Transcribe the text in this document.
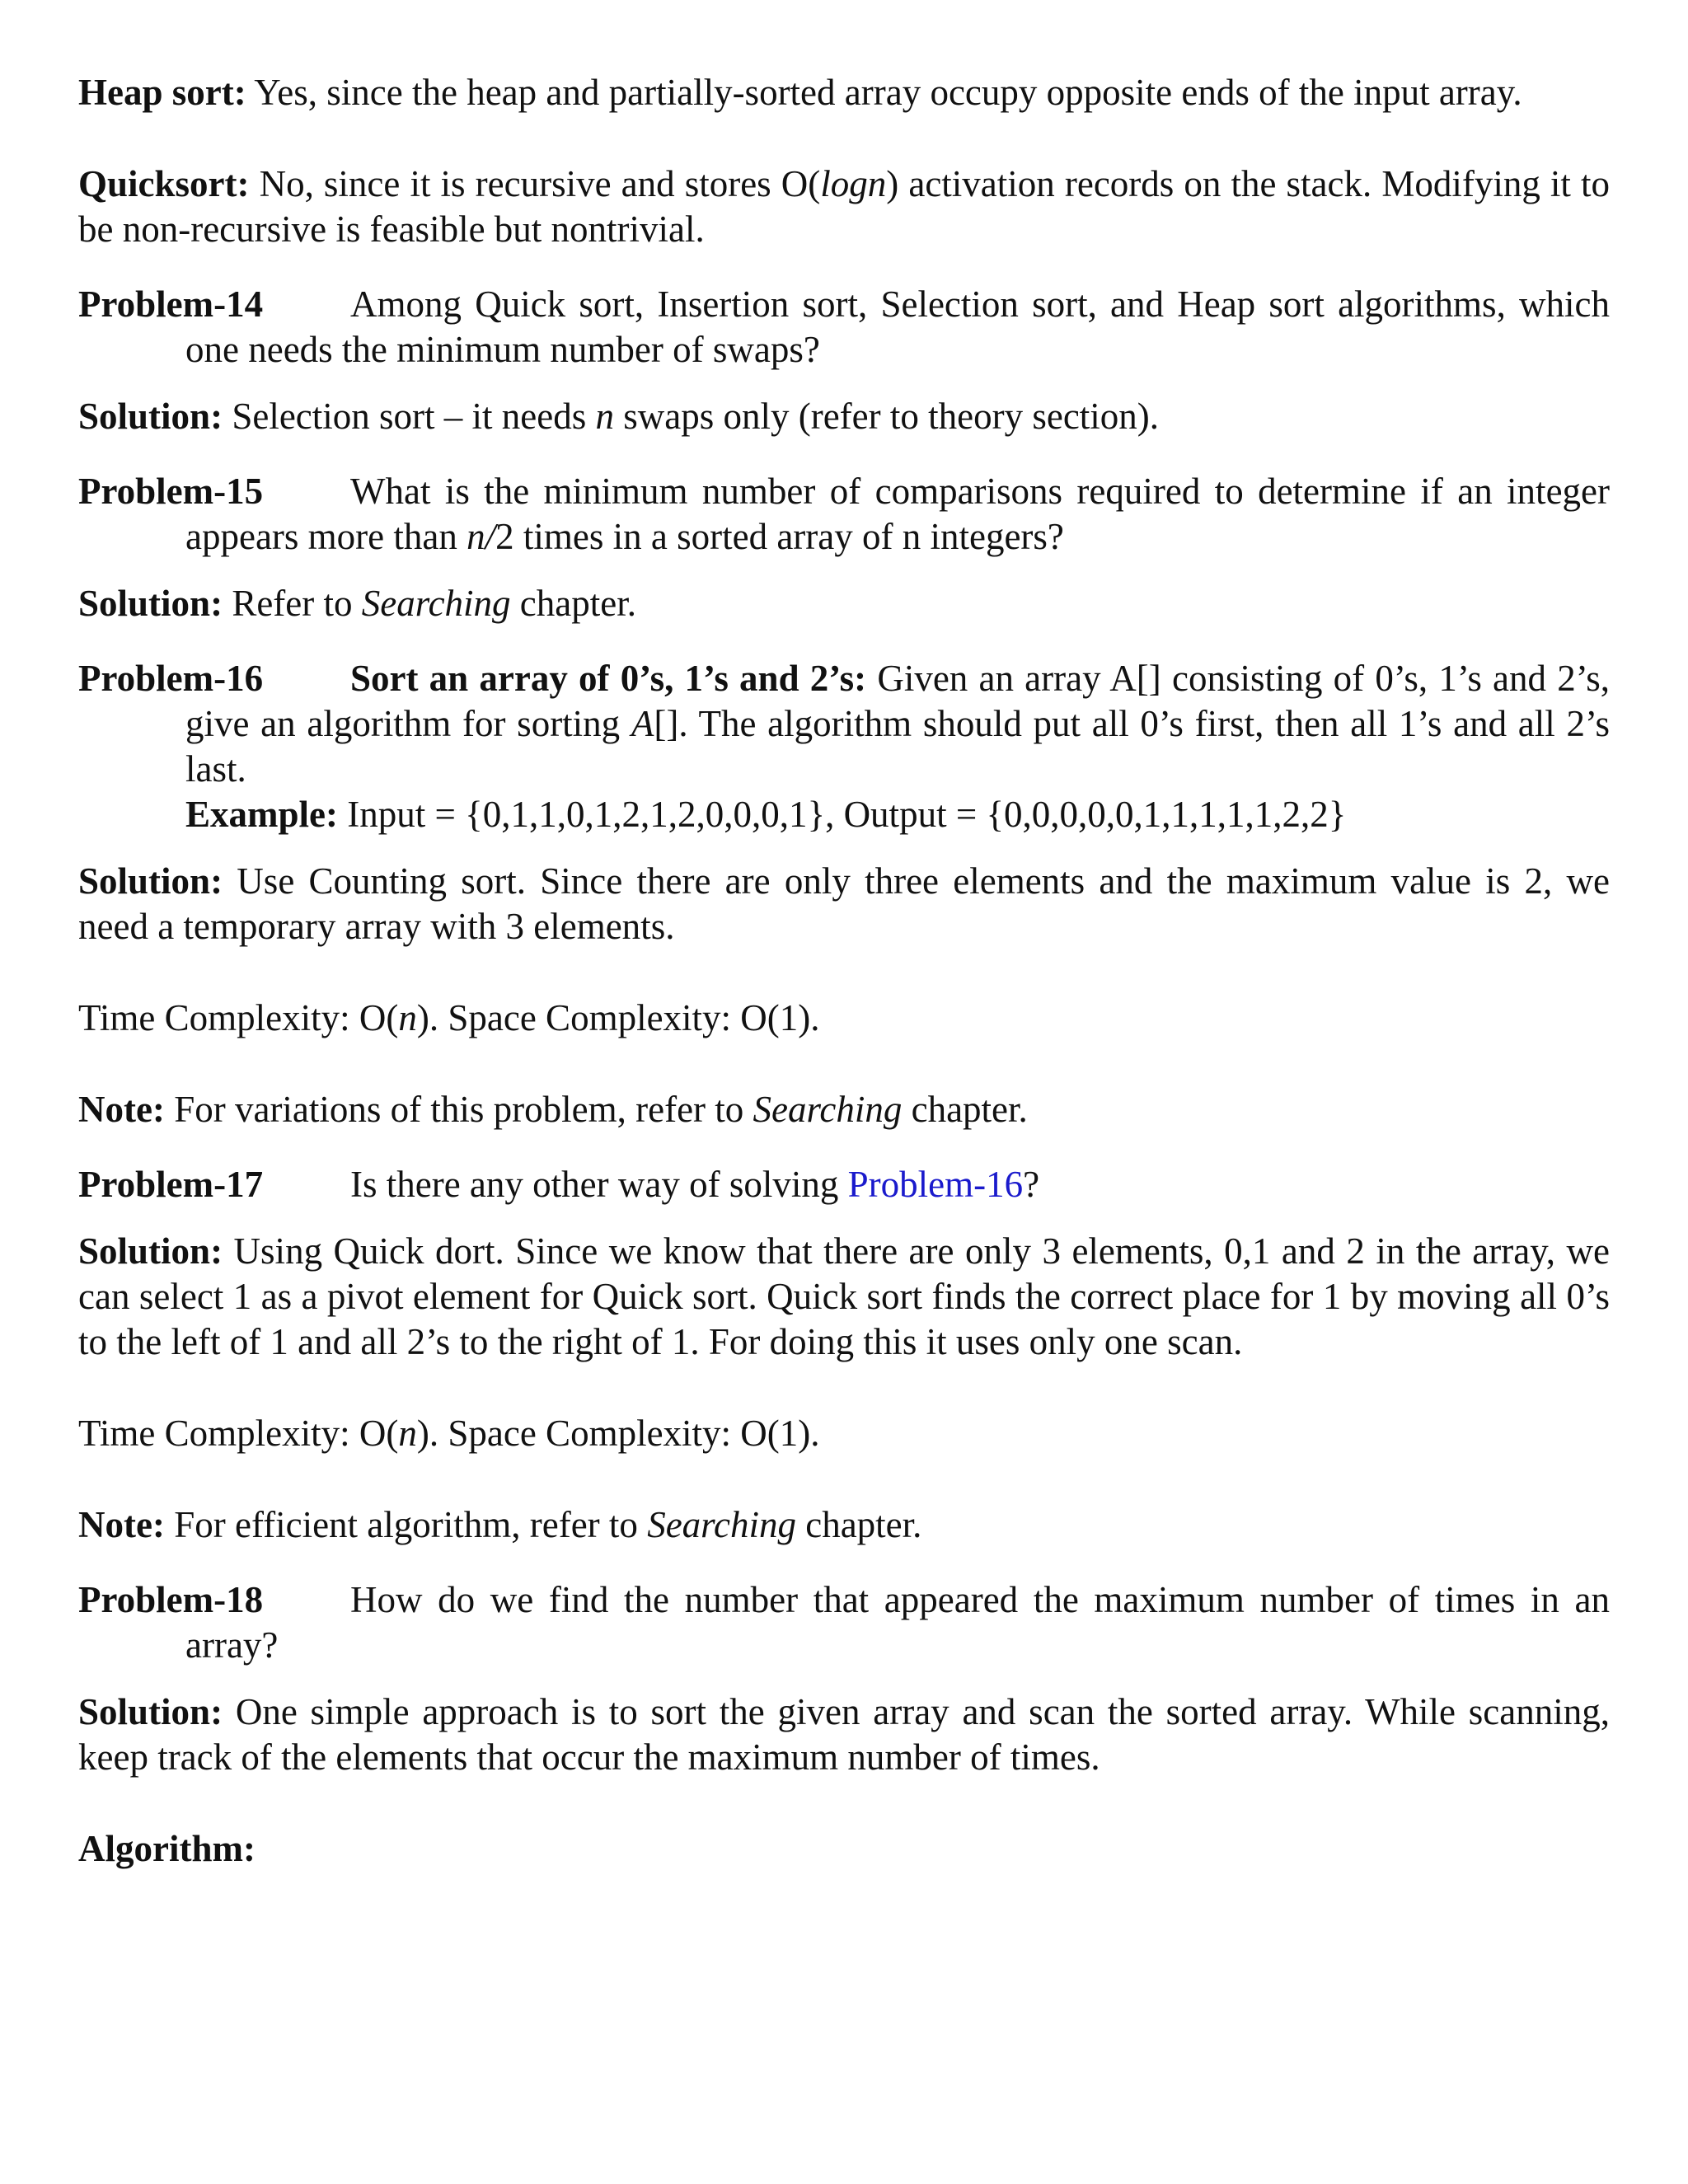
Heap sort: Yes, since the heap and partially-sorted array occupy opposite ends of the input array.

Quicksort: No, since it is recursive and stores O(logn) activation records on the stack. Modifying it to be non-recursive is feasible but nontrivial.

Problem-14 Among Quick sort, Insertion sort, Selection sort, and Heap sort algorithms, which one needs the minimum number of swaps?

Solution: Selection sort – it needs n swaps only (refer to theory section).

Problem-15 What is the minimum number of comparisons required to determine if an integer appears more than n/2 times in a sorted array of n integers?

Solution: Refer to Searching chapter.

Problem-16 Sort an array of 0’s, 1’s and 2’s: Given an array A[] consisting of 0’s, 1’s and 2’s, give an algorithm for sorting A[]. The algorithm should put all 0’s first, then all 1’s and all 2’s last.

Example: Input = {0,1,1,0,1,2,1,2,0,0,0,1}, Output = {0,0,0,0,0,1,1,1,1,1,2,2}

Solution: Use Counting sort. Since there are only three elements and the maximum value is 2, we need a temporary array with 3 elements.

Time Complexity: O(n). Space Complexity: O(1).

Note: For variations of this problem, refer to Searching chapter.

Problem-17 Is there any other way of solving Problem-16?

Solution: Using Quick dort. Since we know that there are only 3 elements, 0,1 and 2 in the array, we can select 1 as a pivot element for Quick sort. Quick sort finds the correct place for 1 by moving all 0’s to the left of 1 and all 2’s to the right of 1. For doing this it uses only one scan.

Time Complexity: O(n). Space Complexity: O(1).

Note: For efficient algorithm, refer to Searching chapter.

Problem-18 How do we find the number that appeared the maximum number of times in an array?

Solution: One simple approach is to sort the given array and scan the sorted array. While scanning, keep track of the elements that occur the maximum number of times.

Algorithm:
